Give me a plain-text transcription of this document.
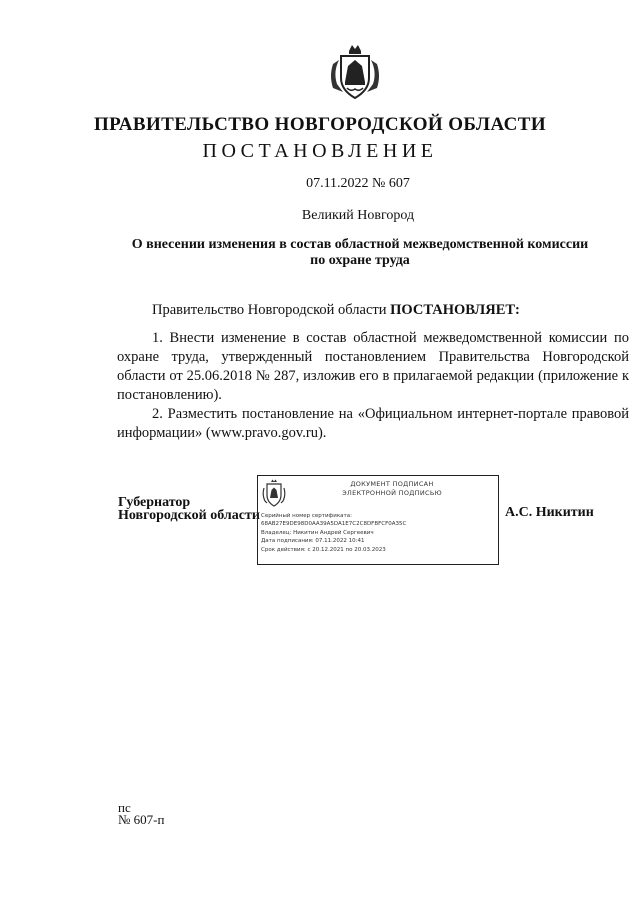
ПРАВИТЕЛЬСТВО НОВГОРОДСКОЙ ОБЛАСТИ
ПОСТАНОВЛЕНИЕ
07.11.2022 № 607
Великий Новгород
О внесении изменения в состав областной межведомственной комиссии по охране труда
Правительство Новгородской области ПОСТАНОВЛЯЕТ:

1. Внести изменение в состав областной межведомственной комиссии по охране труда, утвержденный постановлением Правительства Новгородской области от 25.06.2018 № 287, изложив его в прилагаемой редакции (приложение к постановлению).

2. Разместить постановление на «Официальном интернет-портале правовой информации» (www.pravo.gov.ru).

Губернатор
Новгородской области
ДОКУМЕНТ ПОДПИСАН
ЭЛЕКТРОННОЙ ПОДПИСЬЮ
Серийный номер сертификата:
68AB27E9DE98D0AA39A5DA1E7C2C8DFBFCF0A35C
Владелец: Никитин Андрей Сергеевич
Дата подписания: 07.11.2022 10:41
Срок действия: с 20.12.2021 по 20.03.2023
А.С. Никитин
пс
№ 607-п
